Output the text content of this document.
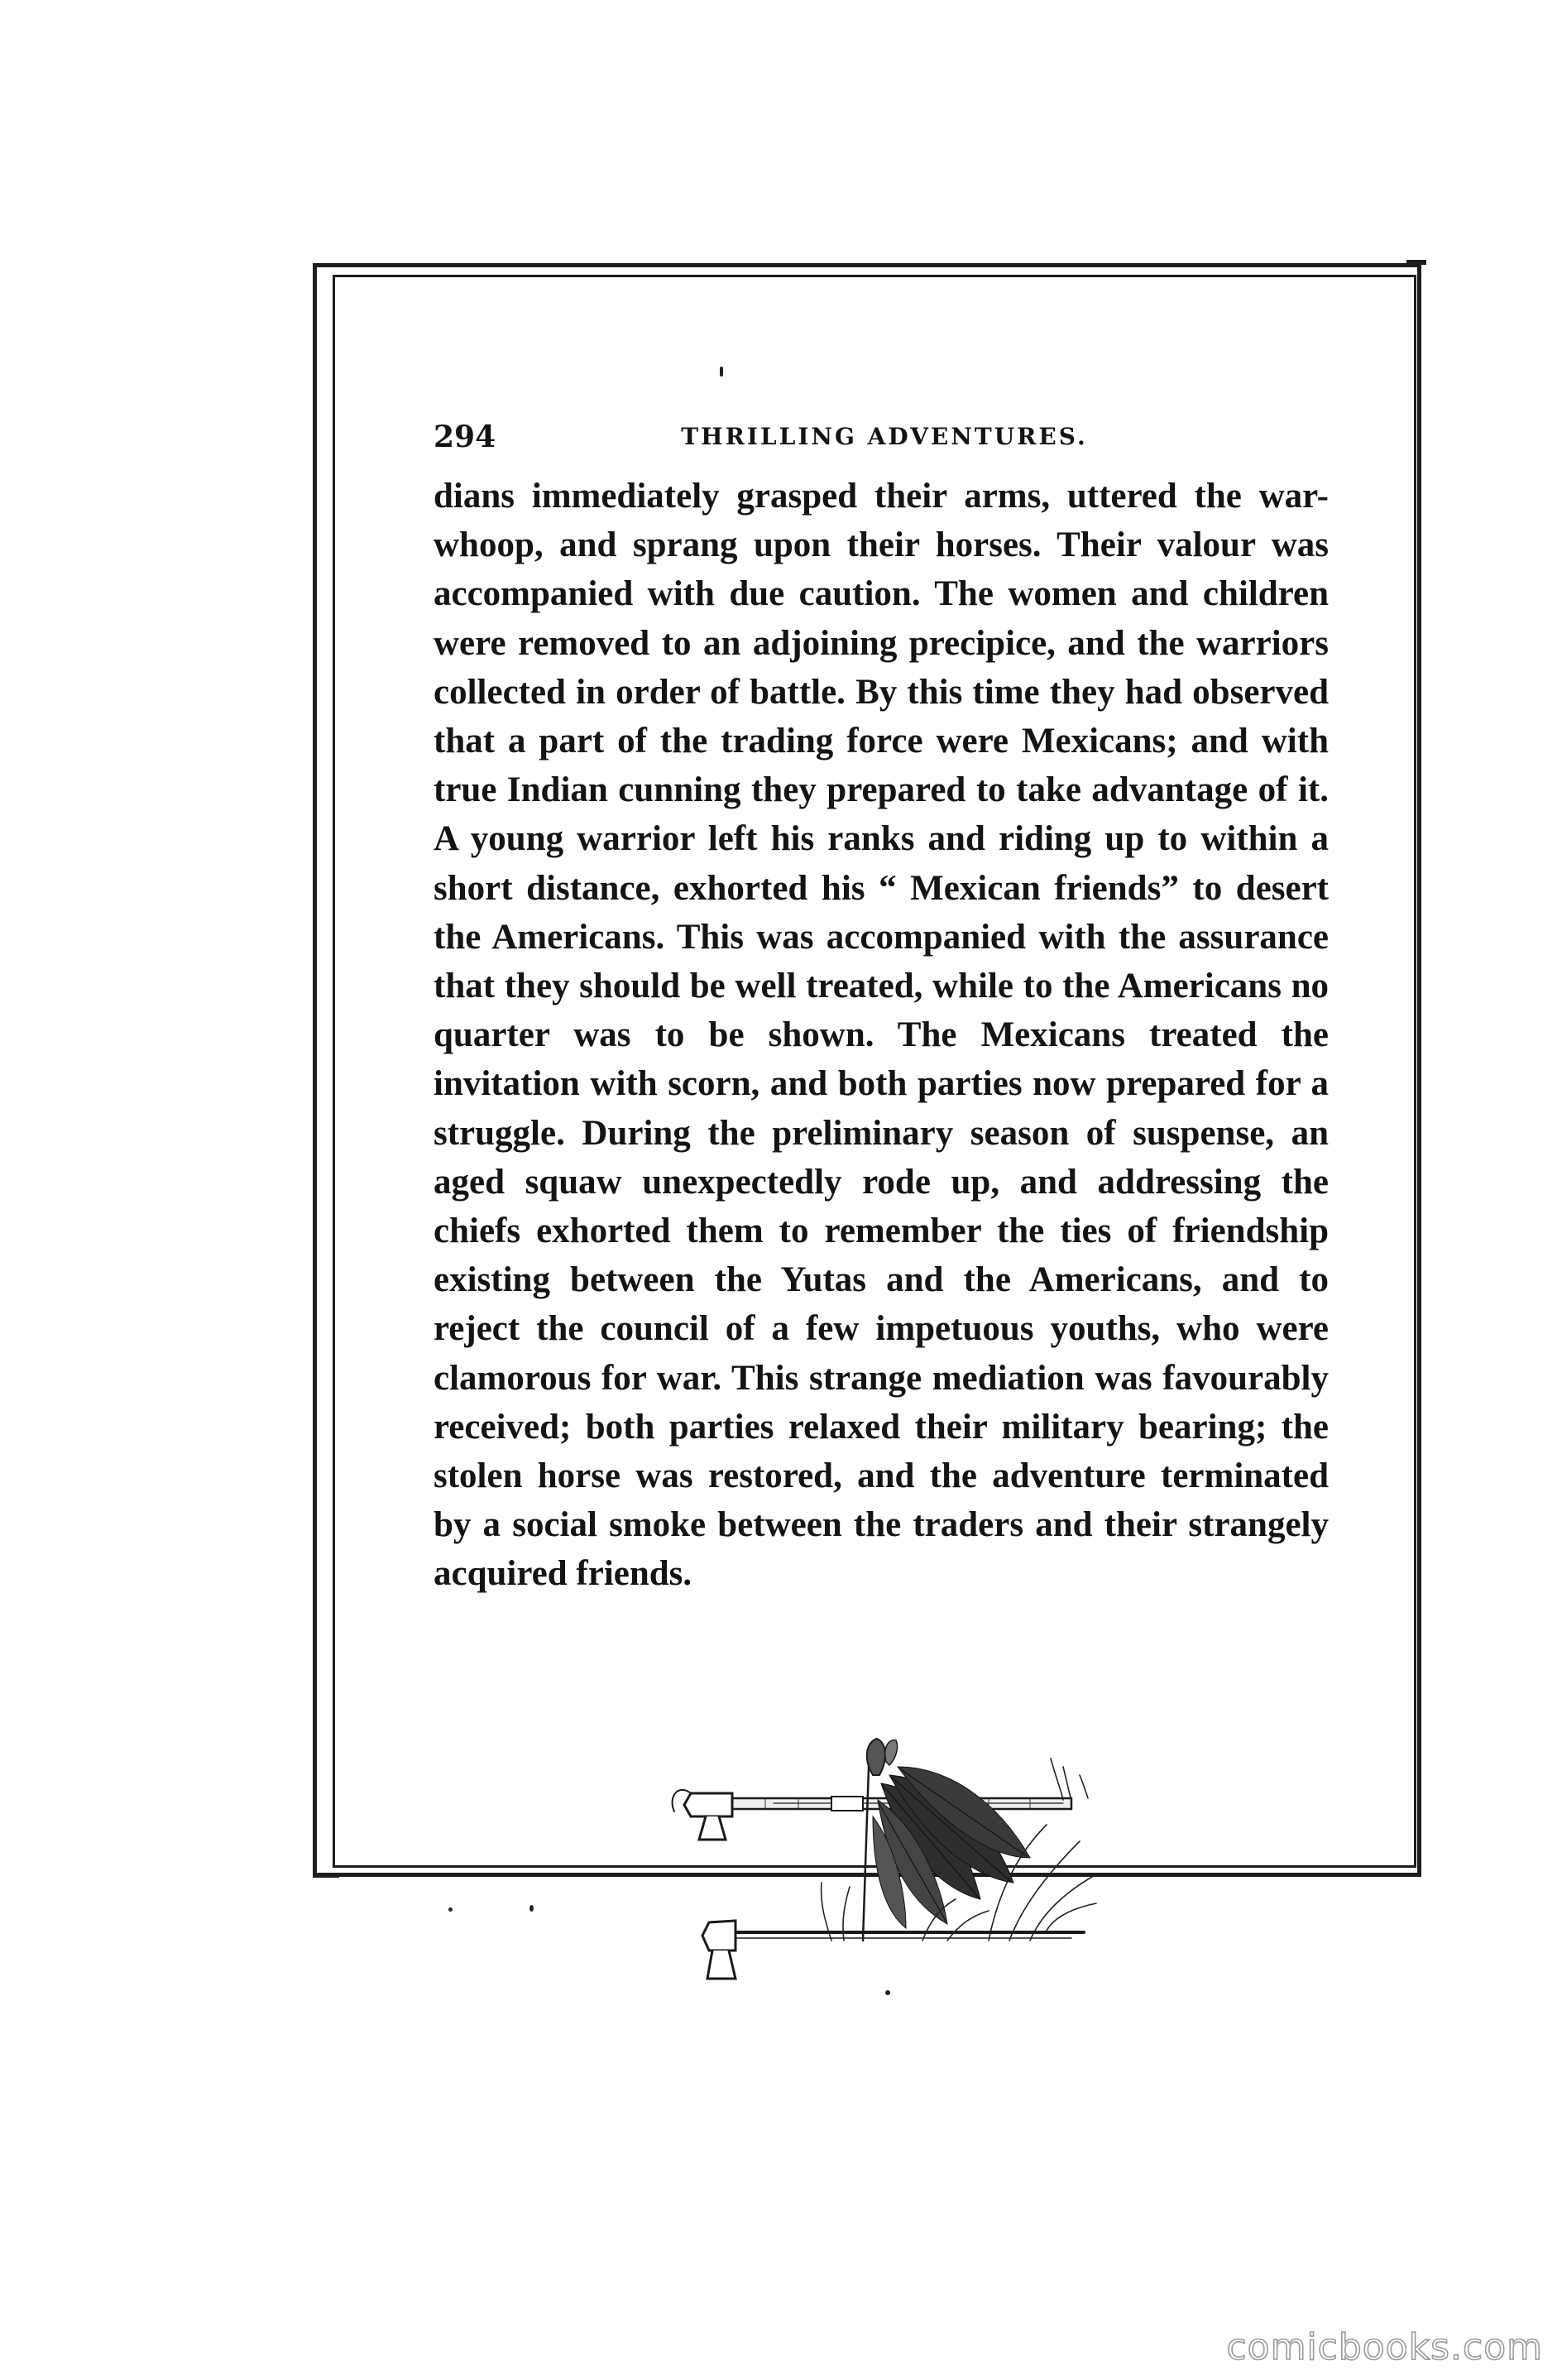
294	THRILLING ADVENTURES.

dians immediately grasped their arms, uttered the war-whoop, and sprang upon their horses. Their valour was accompanied with due caution. The women and children were removed to an adjoining precipice, and the warriors collected in order of battle. By this time they had observed that a part of the trading force were Mexicans; and with true Indian cunning they prepared to take advantage of it. A young warrior left his ranks and riding up to within a short distance, exhorted his “ Mexican friends” to desert the Americans. This was accompanied with the assurance that they should be well treated, while to the Americans no quarter was to be shown. The Mexicans treated the invitation with scorn, and both parties now prepared for a struggle. During the preliminary season of suspense, an aged squaw unexpectedly rode up, and addressing the chiefs exhorted them to remember the ties of friendship existing between the Yutas and the Americans, and to reject the council of a few impetuous youths, who were clamorous for war. This strange mediation was favourably received; both parties relaxed their military bearing; the stolen horse was restored, and the adventure terminated by a social smoke between the traders and their strangely acquired friends.

comicbooks.com
